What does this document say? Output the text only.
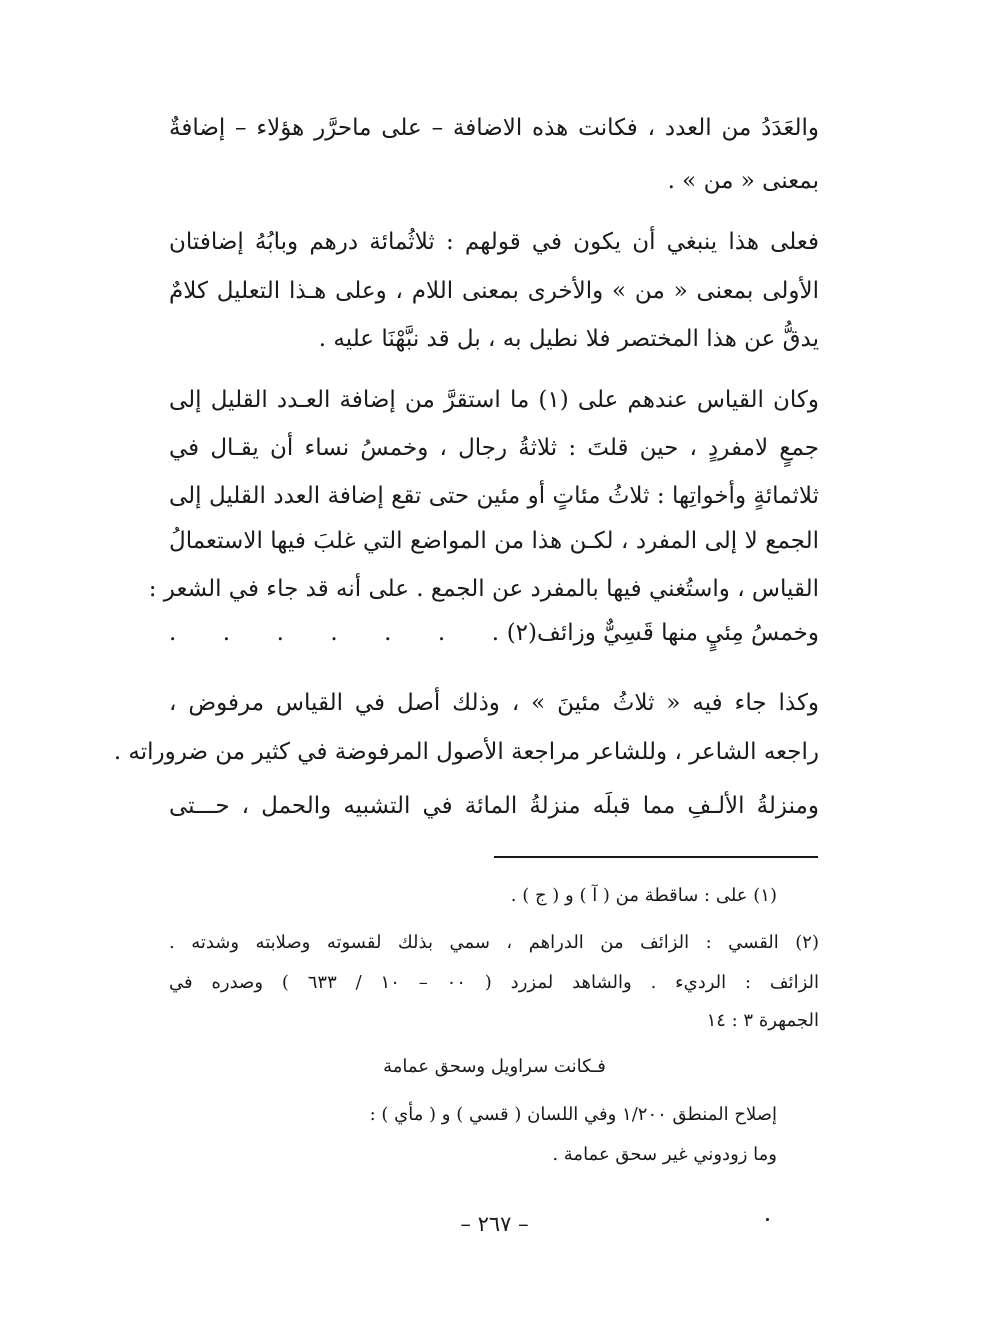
والعَدَدُ من العدد ، فكانت هذه الاضافة – على ماحرَّر هؤلاء – إضافةٌ
بمعنى « من » .
فعلى هذا ينبغي أن يكون في قولهم : ثلاثُمائة درهم وبابُهُ إضافتان
الأولى بمعنى « من » والأخرى بمعنى اللام ، وعلى هـذا التعليل كلامٌ
يدقُّ عن هذا المختصر فلا نطيل به ، بل قد نبَّهْنَا عليه .
وكان القياس عندهم على (١) ما استقرَّ من إضافة العـدد القليل إلى
جمعٍ لامفردٍ ، حين قلتَ : ثلاثةُ رجال ، وخمسُ نساء أن يقـال في
ثلاثمائةٍ وأخواتِها : ثلاثُ مئاتٍ أو مئين حتى تقع إضافة العدد القليل إلى
الجمع لا إلى المفرد ، لكـن هذا من المواضع التي غلبَ فيها الاستعمالُ
القياس ، واستُغني فيها بالمفرد عن الجمع . على أنه قد جاء في الشعر :
وخمسُ مِئيٍ منها قَسِيٌّ وزائف(٢)
. . . . . . .
وكذا جاء فيه « ثلاثُ مئينَ » ، وذلك أصل في القياس مرفوض ،
راجعه الشاعر ، وللشاعر مراجعة الأصول المرفوضة في كثير من ضروراته .
ومنزلةُ الألـفِ مما قبلَه منزلةُ المائة في التشبيه والحمل ، حـــتى
(١) على : ساقطة من ( آ ) و ( ج ) .
(٢) القسي : الزائف من الدراهم ، سمي بذلك لقسوته وصلابته وشدته .
الزائف : الرديء . والشاهد لمزرد ( ٠٠ – ١٠ / ٦٣٣ ) وصدره في
الجمهرة ٣ : ١٤
فـكانت سراويل وسحق عمامة
إصلاح المنطق ١/٢٠٠ وفي اللسان ( قسي ) و ( مأي ) :
وما زودوني غير سحق عمامة .
– ٢٦٧ –
